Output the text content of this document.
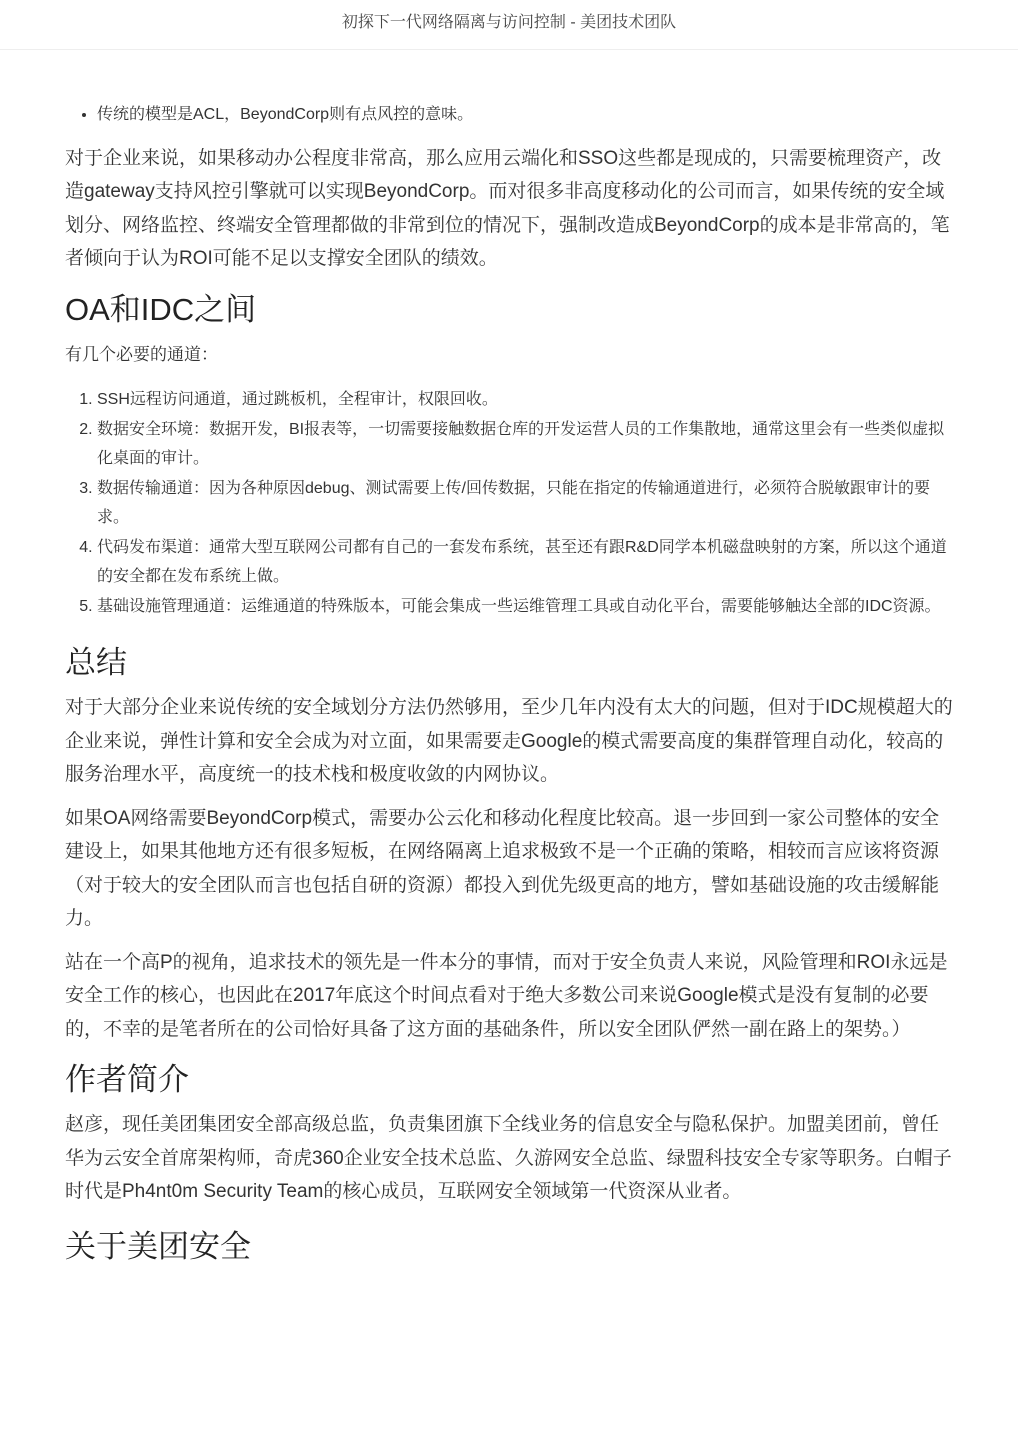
初探下一代网络隔离与访问控制 - 美团技术团队
• 传统的模型是ACL，BeyondCorp则有点风控的意味。

对于企业来说，如果移动办公程度非常高，那么应用云端化和SSO这些都是现成的，只需要梳理资产，改造gateway支持风控引擎就可以实现BeyondCorp。而对很多非高度移动化的公司而言，如果传统的安全域划分、网络监控、终端安全管理都做的非常到位的情况下，强制改造成BeyondCorp的成本是非常高的，笔者倾向于认为ROI可能不足以支撑安全团队的绩效。

OA和IDC之间

有几个必要的通道：

1. SSH远程访问通道，通过跳板机，全程审计，权限回收。
2. 数据安全环境：数据开发，BI报表等，一切需要接触数据仓库的开发运营人员的工作集散地，通常这里会有一些类似虚拟化桌面的审计。
3. 数据传输通道：因为各种原因debug、测试需要上传/回传数据，只能在指定的传输通道进行，必须符合脱敏跟审计的要求。
4. 代码发布渠道：通常大型互联网公司都有自己的一套发布系统，甚至还有跟R&D同学本机磁盘映射的方案，所以这个通道的安全都在发布系统上做。
5. 基础设施管理通道：运维通道的特殊版本，可能会集成一些运维管理工具或自动化平台，需要能够触达全部的IDC资源。
总结

对于大部分企业来说传统的安全域划分方法仍然够用，至少几年内没有太大的问题，但对于IDC规模超大的企业来说，弹性计算和安全会成为对立面，如果需要走Google的模式需要高度的集群管理自动化，较高的服务治理水平，高度统一的技术栈和极度收敛的内网协议。

如果OA网络需要BeyondCorp模式，需要办公云化和移动化程度比较高。退一步回到一家公司整体的安全建设上，如果其他地方还有很多短板，在网络隔离上追求极致不是一个正确的策略，相较而言应该将资源（对于较大的安全团队而言也包括自研的资源）都投入到优先级更高的地方，譬如基础设施的攻击缓解能力。

站在一个高P的视角，追求技术的领先是一件本分的事情，而对于安全负责人来说，风险管理和ROI永远是安全工作的核心，也因此在2017年底这个时间点看对于绝大多数公司来说Google模式是没有复制的必要的，不幸的是笔者所在的公司恰好具备了这方面的基础条件，所以安全团队俨然一副在路上的架势。）

作者简介

赵彦，现任美团集团安全部高级总监，负责集团旗下全线业务的信息安全与隐私保护。加盟美团前，曾任华为云安全首席架构师，奇虎360企业安全技术总监、久游网安全总监、绿盟科技安全专家等职务。白帽子时代是Ph4nt0m Security Team的核心成员，互联网安全领域第一代资深从业者。

关于美团安全
